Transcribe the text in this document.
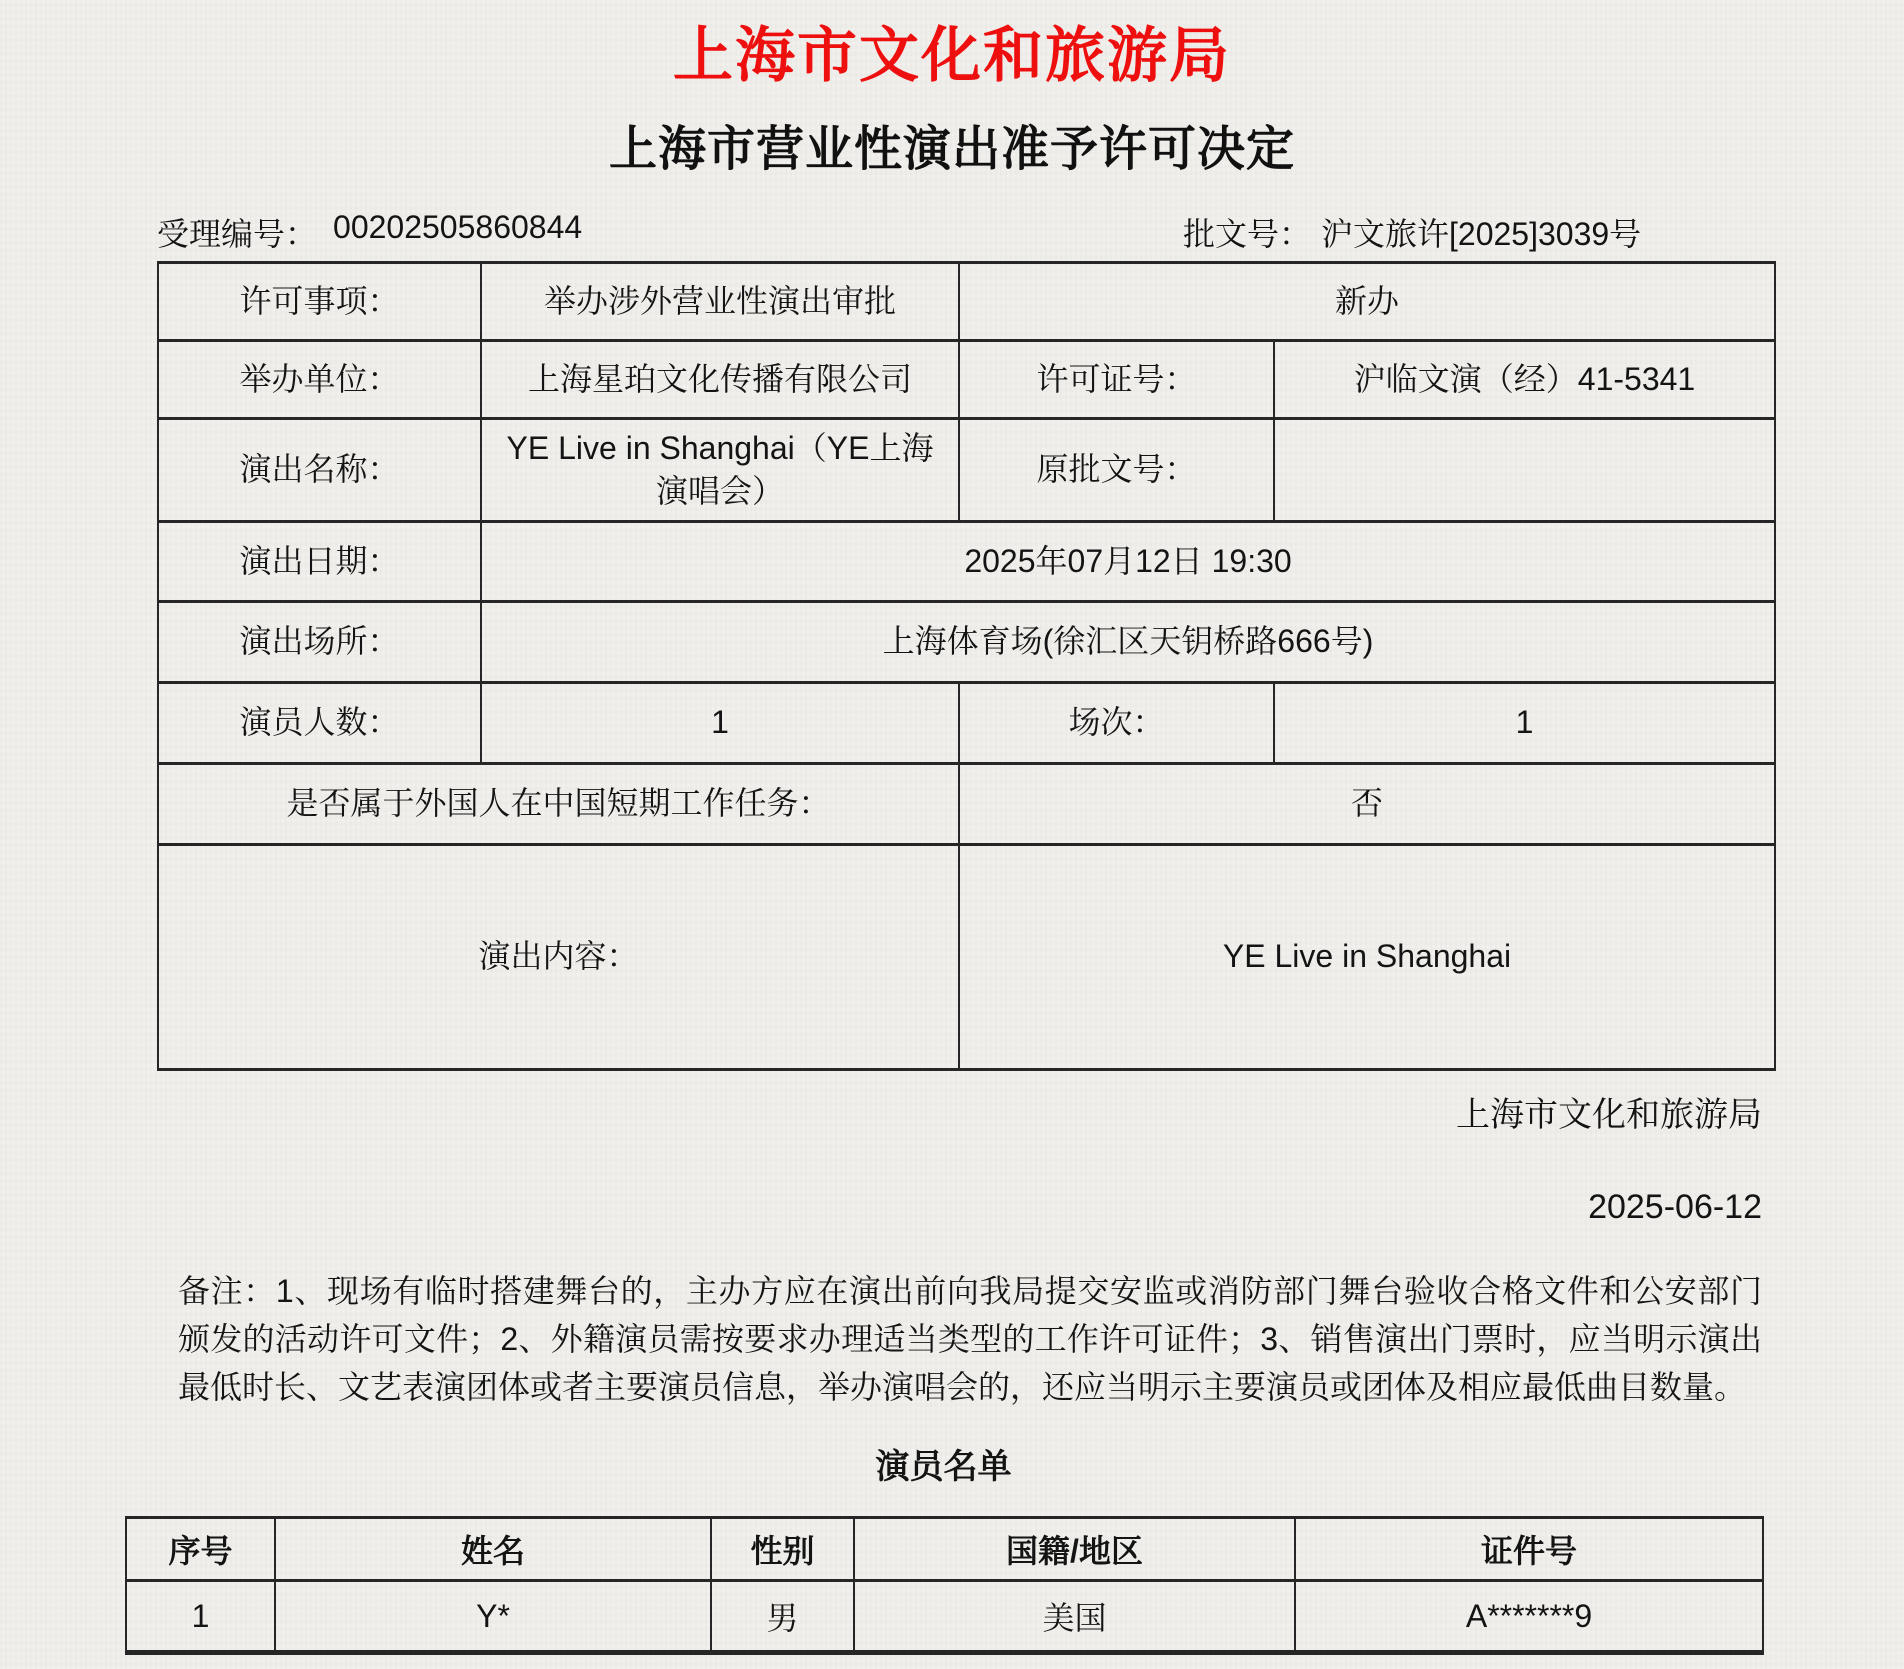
上海市文化和旅游局
上海市营业性演出准予许可决定
受理编号： 00202505860844	批文号： 沪文旅许[2025]3039号
许可事项：	举办涉外营业性演出审批	新办	
举办单位：	上海星珀文化传播有限公司	许可证号：	沪临文演（经）41-5341
演出名称：	YE Live in Shanghai（YE上海演唱会）	原批文号：	
演出日期：	2025年07月12日 19:30		
演出场所：	上海体育场(徐汇区天钥桥路666号)		
演员人数：	1	场次：	1
是否属于外国人在中国短期工作任务：		否	
演出内容：		YE Live in Shanghai	
上海市文化和旅游局
2025-06-12

备注：1、现场有临时搭建舞台的，主办方应在演出前向我局提交安监或消防部门舞台验收合格文件和公安部门颁发的活动许可文件；2、外籍演员需按要求办理适当类型的工作许可证件；3、销售演出门票时，应当明示演出最低时长、文艺表演团体或者主要演员信息，举办演唱会的，还应当明示主要演员或团体及相应最低曲目数量。

演员名单
序号	姓名	性别	国籍/地区	证件号
1	Y*	男	美国	A*******9
